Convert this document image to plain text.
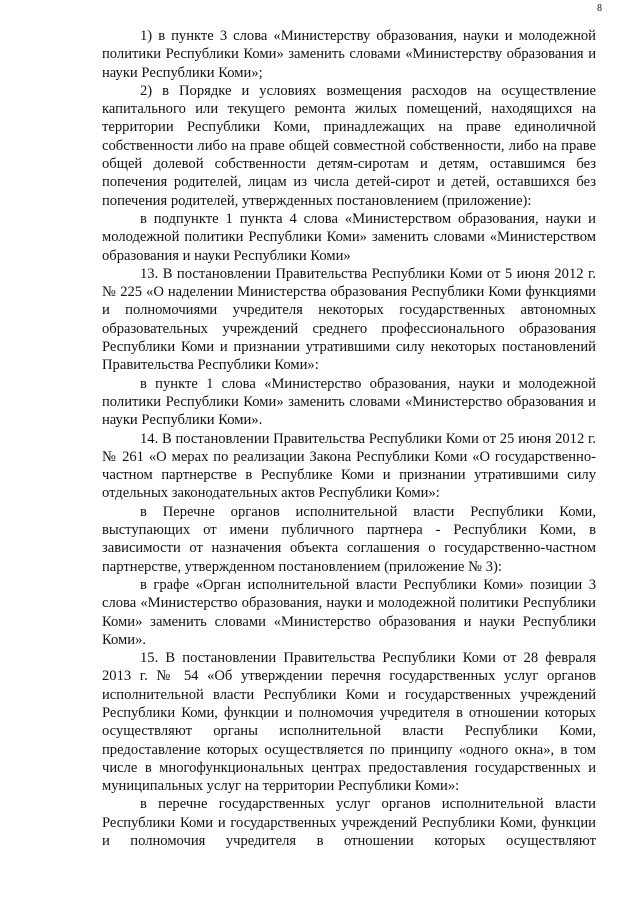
8

1) в пункте 3 слова «Министерству образования, науки и молодежной политики Республики Коми» заменить словами «Министерству образования и науки Республики Коми»;

2) в Порядке и условиях возмещения расходов на осуществление капитального или текущего ремонта жилых помещений, находящихся на территории Республики Коми, принадлежащих на праве единоличной собственности либо на праве общей совместной собственности, либо на праве общей долевой собственности детям-сиротам и детям, оставшимся без попечения родителей, лицам из числа детей-сирот и детей, оставшихся без попечения родителей, утвержденных постановлением (приложение):

в подпункте 1 пункта 4 слова «Министерством образования, науки и молодежной политики Республики Коми» заменить словами «Министерством образования и науки Республики Коми»

13. В постановлении Правительства Республики Коми от 5 июня 2012 г. № 225 «О наделении Министерства образования Республики Коми функциями и полномочиями учредителя некоторых государственных автономных образовательных учреждений среднего профессионального образования Республики Коми и признании утратившими силу некоторых постановлений Правительства Республики Коми»:

в пункте 1 слова «Министерство образования, науки и молодежной политики Республики Коми» заменить словами «Министерство образования и науки Республики Коми».

14. В постановлении Правительства Республики Коми от 25 июня 2012 г. № 261 «О мерах по реализации Закона Республики Коми «О государственно-частном партнерстве в Республике Коми и признании утратившими силу отдельных законодательных актов Республики Коми»:

в Перечне органов исполнительной власти Республики Коми, выступающих от имени публичного партнера - Республики Коми, в зависимости от назначения объекта соглашения о государственно-частном партнерстве, утвержденном постановлением (приложение № 3):

в графе «Орган исполнительной власти Республики Коми» позиции 3 слова «Министерство образования, науки и молодежной политики Республики Коми» заменить словами «Министерство образования и науки Республики Коми».

15. В постановлении Правительства Республики Коми от 28 февраля 2013 г. № 54 «Об утверждении перечня государственных услуг органов исполнительной власти Республики Коми и государственных учреждений Республики Коми, функции и полномочия учредителя в отношении которых осуществляют органы исполнительной власти Республики Коми, предоставление которых осуществляется по принципу «одного окна», в том числе в многофункциональных центрах предоставления государственных и муниципальных услуг на территории Республики Коми»:

в перечне государственных услуг органов исполнительной власти Республики Коми и государственных учреждений Республики Коми, функции и полномочия учредителя в отношении которых осуществляют
